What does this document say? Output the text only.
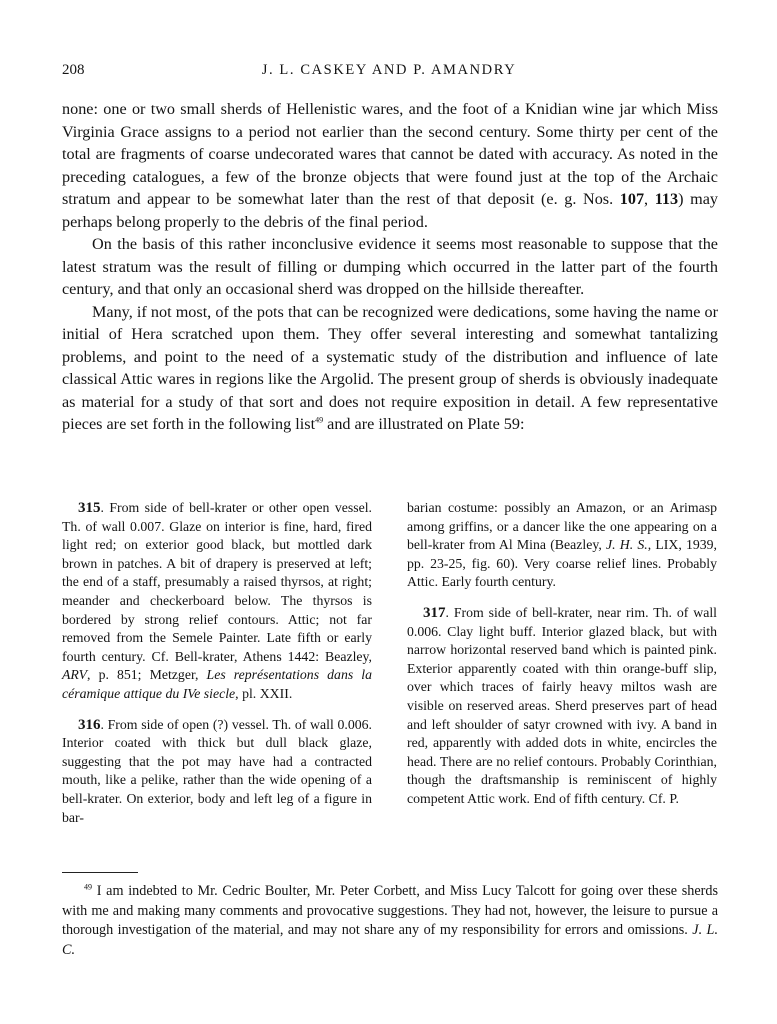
208	J. L. CASKEY AND P. AMANDRY

none: one or two small sherds of Hellenistic wares, and the foot of a Knidian wine jar which Miss Virginia Grace assigns to a period not earlier than the second century. Some thirty per cent of the total are fragments of coarse undecorated wares that cannot be dated with accuracy. As noted in the preceding catalogues, a few of the bronze objects that were found just at the top of the Archaic stratum and appear to be somewhat later than the rest of that deposit (e. g. Nos. 107, 113) may perhaps belong properly to the debris of the final period.

On the basis of this rather inconclusive evidence it seems most reasonable to suppose that the latest stratum was the result of filling or dumping which occurred in the latter part of the fourth century, and that only an occasional sherd was dropped on the hillside thereafter.

Many, if not most, of the pots that can be recognized were dedications, some having the name or initial of Hera scratched upon them. They offer several interesting and somewhat tantalizing problems, and point to the need of a systematic study of the distribution and influence of late classical Attic wares in regions like the Argolid. The present group of sherds is obviously inadequate as material for a study of that sort and does not require exposition in detail. A few representative pieces are set forth in the following list$^{49}$ and are illustrated on Plate 59:

315. From side of bell-krater or other open vessel. Th. of wall 0.007. Glaze on interior is fine, hard, fired light red; on exterior good black, but mottled dark brown in patches. A bit of drapery is preserved at left; the end of a staff, presumably a raised thyrsos, at right; meander and checkerboard below. The thyrsos is bordered by strong relief contours. Attic; not far removed from the Semele Painter. Late fifth or early fourth century. Cf. Bell-krater, Athens 1442: Beazley, ARV, p. 851; Metzger, Les représentations dans la céramique attique du IVe siecle, pl. XXII.

316. From side of open (?) vessel. Th. of wall 0.006. Interior coated with thick but dull black glaze, suggesting that the pot may have had a contracted mouth, like a pelike, rather than the wide opening of a bell-krater. On exterior, body and left leg of a figure in bar-

barian costume: possibly an Amazon, or an Arimasp among griffins, or a dancer like the one appearing on a bell-krater from Al Mina (Beazley, J. H. S., LIX, 1939, pp. 23-25, fig. 60). Very coarse relief lines. Probably Attic. Early fourth century.

317. From side of bell-krater, near rim. Th. of wall 0.006. Clay light buff. Interior glazed black, but with narrow horizontal reserved band which is painted pink. Exterior apparently coated with thin orange-buff slip, over which traces of fairly heavy miltos wash are visible on reserved areas. Sherd preserves part of head and left shoulder of satyr crowned with ivy. A band in red, apparently with added dots in white, encircles the head. There are no relief contours. Probably Corinthian, though the draftsmanship is reminiscent of highly competent Attic work. End of fifth century. Cf. P.

$^{49}$ I am indebted to Mr. Cedric Boulter, Mr. Peter Corbett, and Miss Lucy Talcott for going over these sherds with me and making many comments and provocative suggestions. They had not, however, the leisure to pursue a thorough investigation of the material, and may not share any of my responsibility for errors and omissions. J. L. C.
